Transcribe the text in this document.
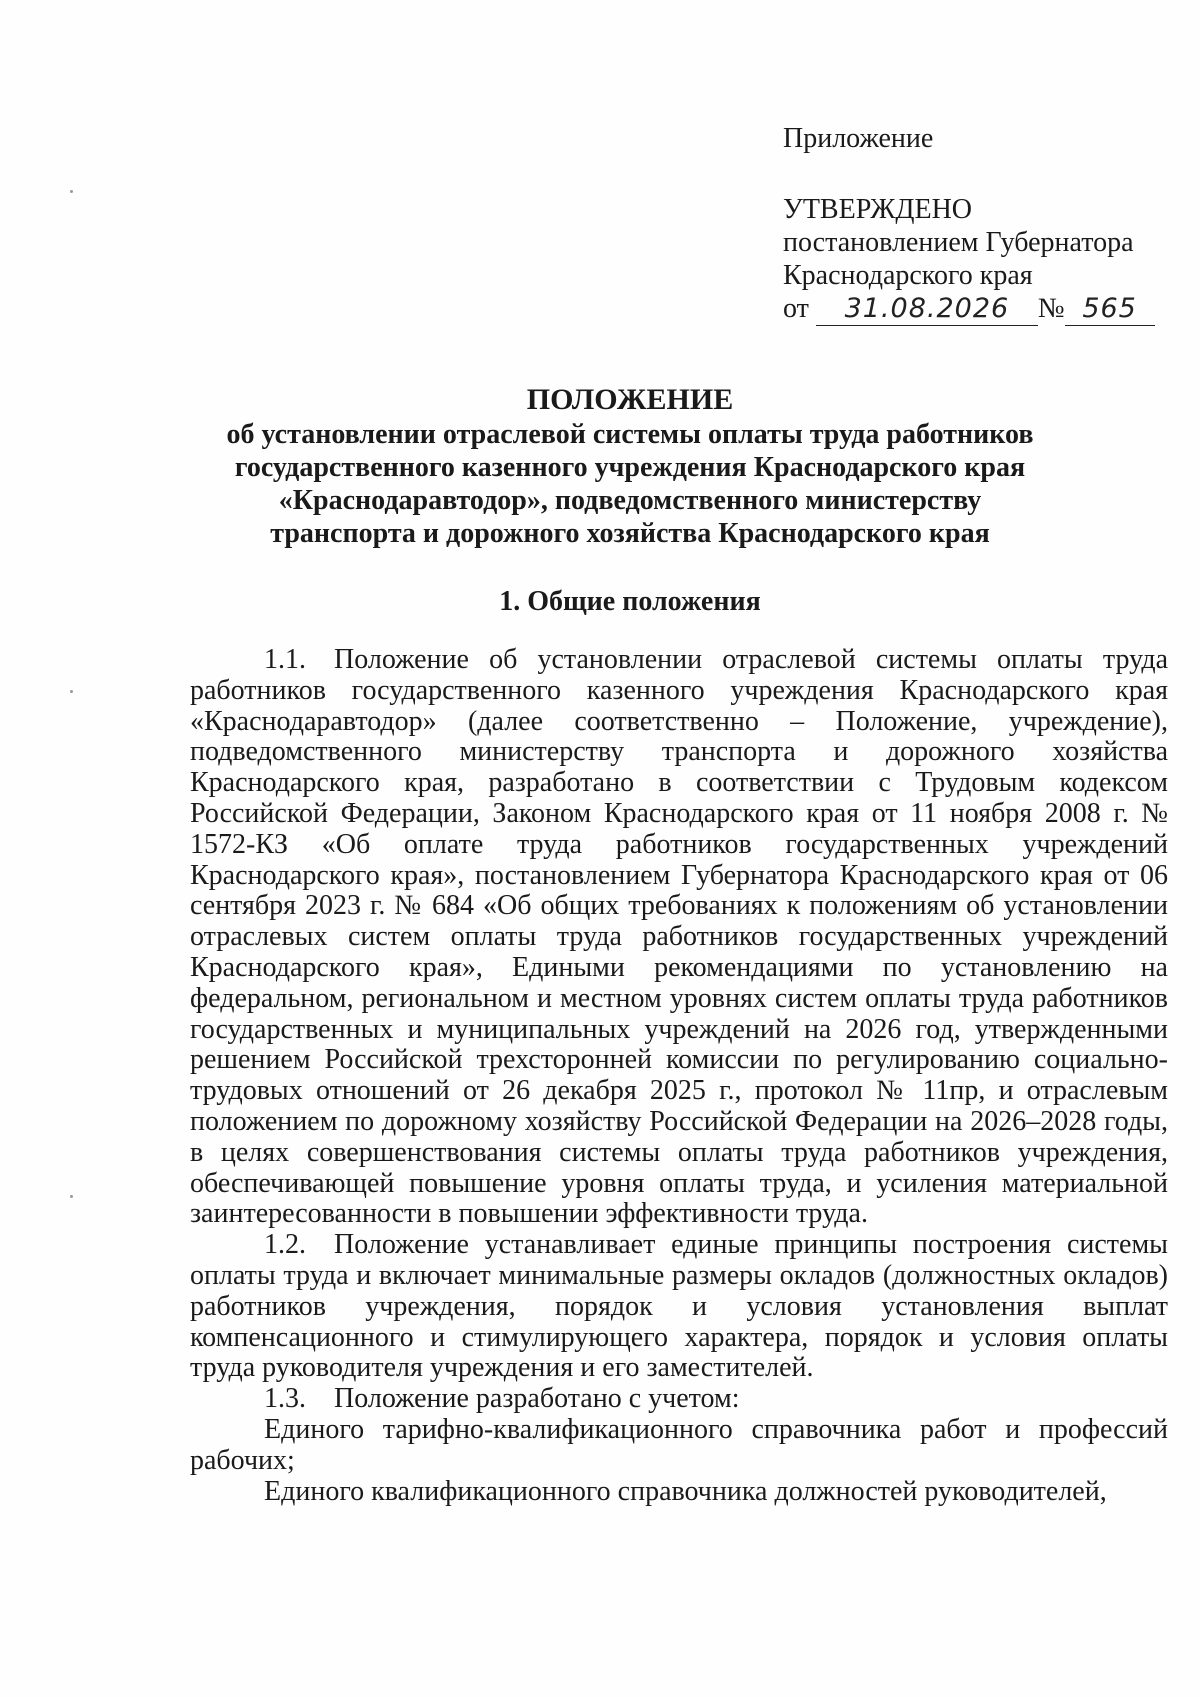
Приложение
УТВЕРЖДЕНО
постановлением Губернатора
Краснодарского края
от 31.08.2026 № 565
ПОЛОЖЕНИЕ
об установлении отраслевой системы оплаты труда работников
государственного казенного учреждения Краснодарского края
«Краснодаравтодор», подведомственного министерству
транспорта и дорожного хозяйства Краснодарского края
1. Общие положения

1.1. Положение об установлении отраслевой системы оплаты труда работников государственного казенного учреждения Краснодарского края «Краснодаравтодор» (далее соответственно – Положение, учреждение), подведомственного министерству транспорта и дорожного хозяйства Краснодарского края, разработано в соответствии с Трудовым кодексом Российской Федерации, Законом Краснодарского края от 11 ноября 2008 г. № 1572-КЗ «Об оплате труда работников государственных учреждений Краснодарского края», постановлением Губернатора Краснодарского края от 06 сентября 2023 г. № 684 «Об общих требованиях к положениям об установлении отраслевых систем оплаты труда работников государственных учреждений Краснодарского края», Едиными рекомендациями по установлению на федеральном, региональном и местном уровнях систем оплаты труда работников государственных и муниципальных учреждений на 2026 год, утвержденными решением Российской трехсторонней комиссии по регулированию социально-трудовых отношений от 26 декабря 2025 г., протокол № 11пр, и отраслевым положением по дорожному хозяйству Российской Федерации на 2026–2028 годы, в целях совершенствования системы оплаты труда работников учреждения, обеспечивающей повышение уровня оплаты труда, и усиления материальной заинтересованности в повышении эффективности труда.

1.2. Положение устанавливает единые принципы построения системы оплаты труда и включает минимальные размеры окладов (должностных окладов) работников учреждения, порядок и условия установления выплат компенсационного и стимулирующего характера, порядок и условия оплаты труда руководителя учреждения и его заместителей.

1.3. Положение разработано с учетом:

Единого тарифно-квалификационного справочника работ и профессий рабочих;

Единого квалификационного справочника должностей руководителей,
